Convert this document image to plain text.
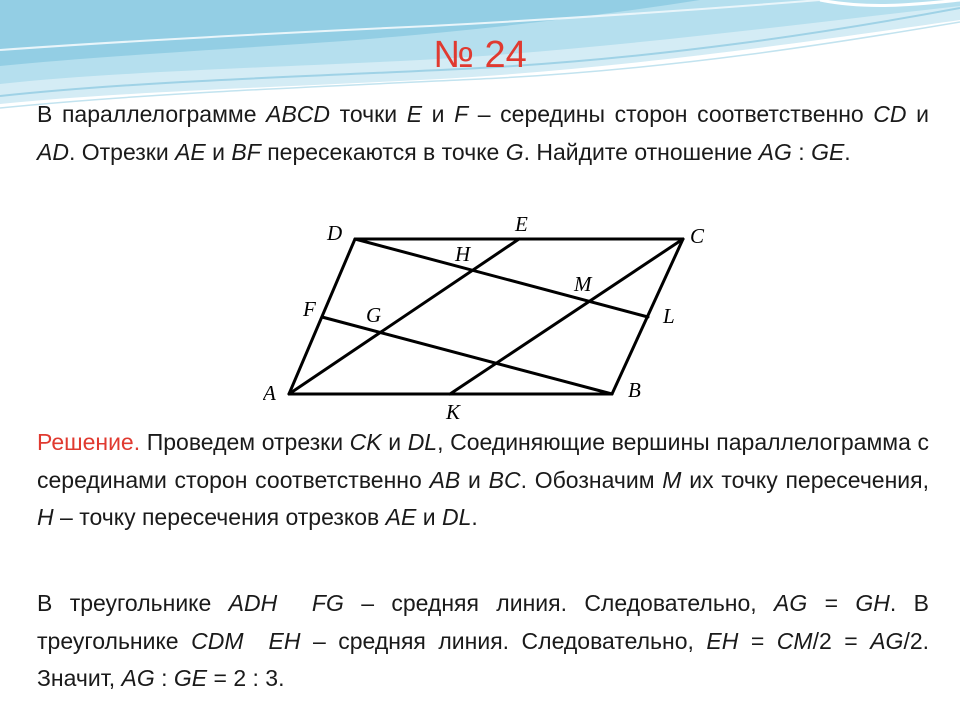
№ 24

В параллелограмме ABCD точки E и F – середины сторон соответственно CD и AD. Отрезки AE и BF пересекаются в точке G. Найдите отношение AG : GE.

A	B
C
D	E
F G
H
M
L
K

Решение. Проведем отрезки CK и DL, Соединяющие вершины параллелограмма с серединами сторон соответственно AB и BC. Обозначим M их точку пересечения, H – точку пересечения отрезков AE и DL.

В треугольнике ADH FG – средняя линия. Следовательно, AG = GH. В треугольнике CDM EH – средняя линия. Следовательно, EH = CM/2 = AG/2. Значит, AG : GE = 2 : 3.
